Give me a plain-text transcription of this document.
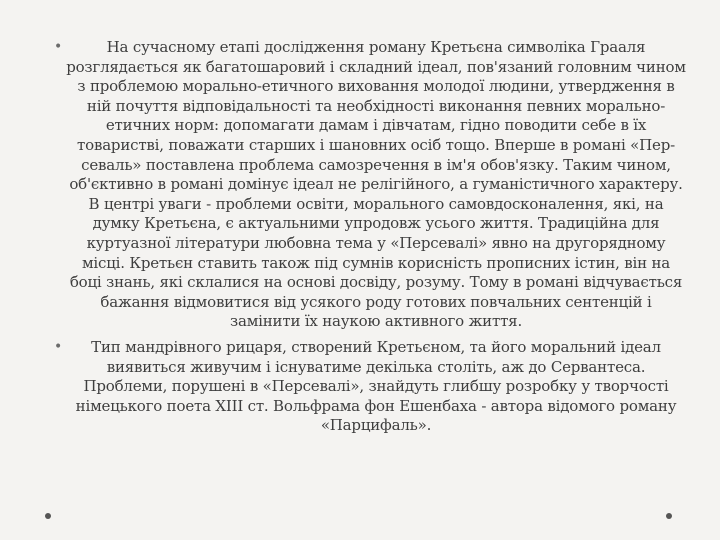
•	На сучасному етапі дослідження роману Кретьєна символіка Грааля розглядається як багатошаровий і складний ідеал, пов'язаний головним чином з проблемою морально-етичного виховання молодої людини, утвердження в ній почуття відповідальності та необхідності виконання певних морально-етичних норм: допомагати дамам і дівчатам, гідно поводити себе в їх товаристві, поважати старших і шановних осіб тощо. Вперше в романі «Пер-севаль» поставлена проблема самозречення в ім'я обов'язку. Таким чином, об'єктивно в романі домінує ідеал не релігійного, а гуманістичного характеру. В центрі уваги - проблеми освіти, морального самовдосконалення, які, на думку Кретьєна, є актуальними упродовж усього життя. Традиційна для куртуазної літератури любовна тема у «Персевалі» явно на другорядному місці. Кретьєн ставить також під сумнів корисність прописних істин, він на боці знань, які склалися на основі досвіду, розуму. Тому в романі відчувається бажання відмовитися від усякого роду готових повчальних сентенцій і замінити їх наукою активного життя.
• Тип мандрівного рицаря, створений Кретьєном, та його моральний ідеал виявиться живучим і існуватиме декілька століть, аж до Сервантеса. Проблеми, порушені в «Персевалі», знайдуть глибшу розробку у творчості німецького поета XIII ст. Вольфрама фон Ешенбаха - автора відомого роману «Парцифаль».
